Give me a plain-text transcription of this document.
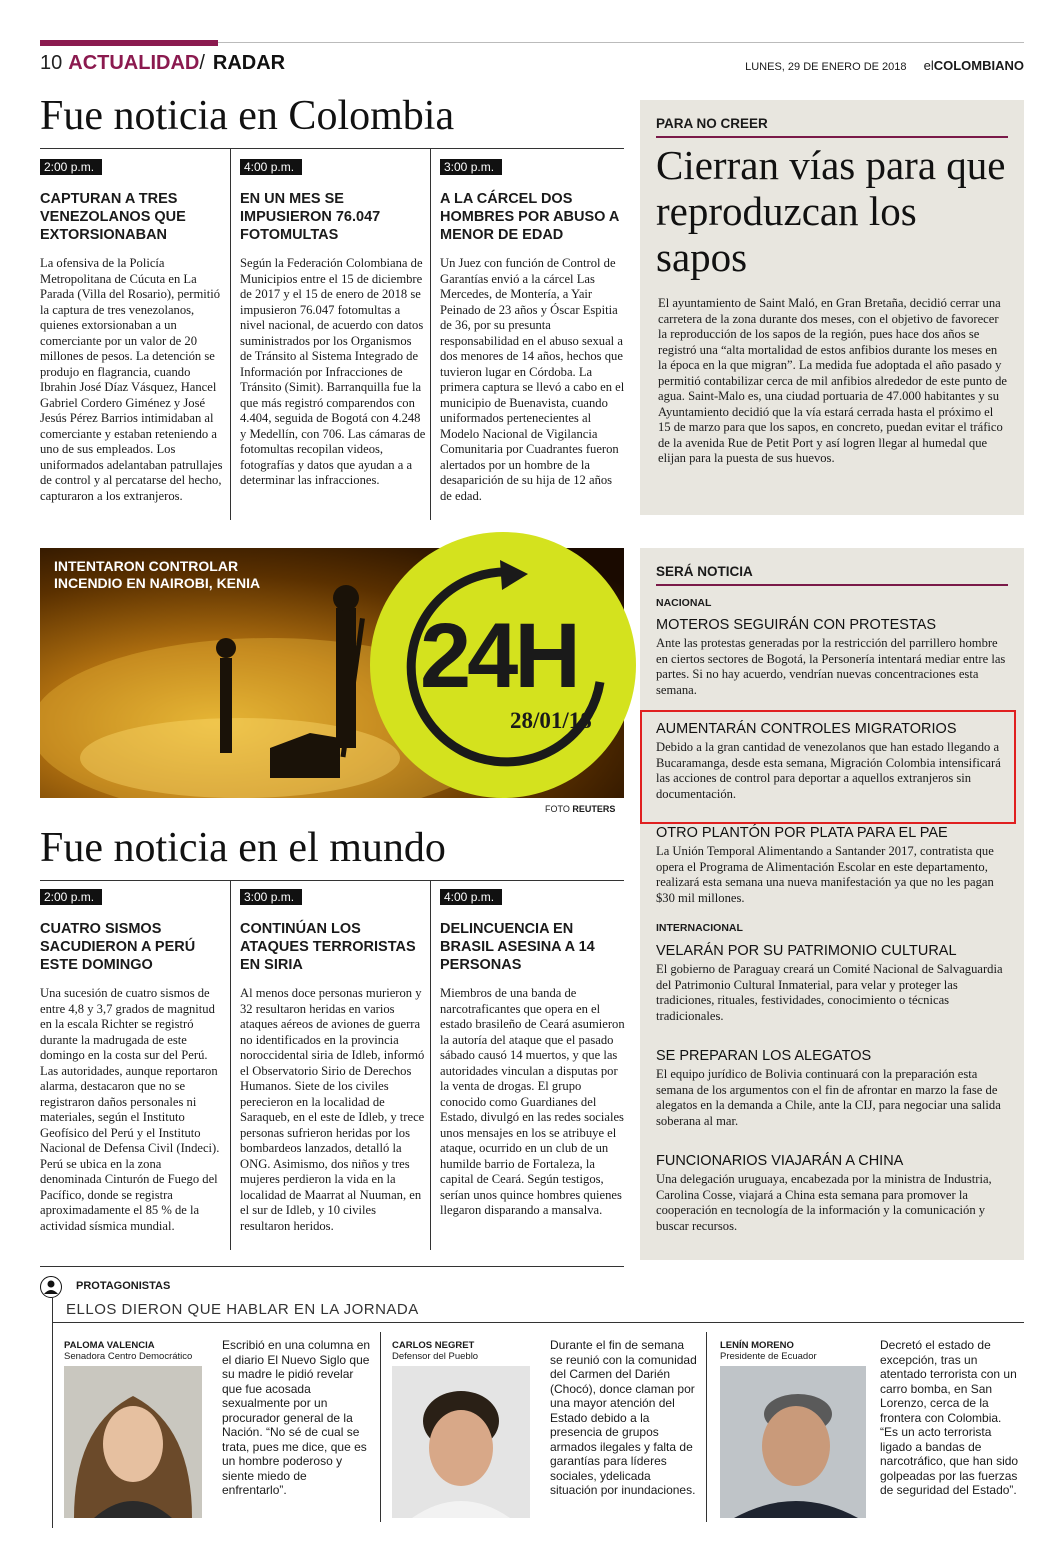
10 ACTUALIDAD/ RADAR	LUNES, 29 DE ENERO DE 2018 elCOLOMBIANO
Fue noticia en Colombia
2:00 p.m.
CAPTURAN A TRES VENEZOLANOS QUE EXTORSIONABAN
La ofensiva de la Policía Metropolitana de Cúcuta en La Parada (Villa del Rosario), permitió la captura de tres venezolanos, quienes extorsionaban a un comerciante por un valor de 20 millones de pesos. La detención se produjo en flagrancia, cuando Ibrahin José Díaz Vásquez, Hancel Gabriel Cordero Giménez y José Jesús Pérez Barrios intimidaban al comerciante y estaban reteniendo a uno de sus empleados. Los uniformados adelantaban patrullajes de control y al percatarse del hecho, capturaron a los extranjeros.
4:00 p.m.
EN UN MES SE IMPUSIERON 76.047 FOTOMULTAS
Según la Federación Colombiana de Municipios entre el 15 de diciembre de 2017 y el 15 de enero de 2018 se impusieron 76.047 fotomultas a nivel nacional, de acuerdo con datos suministrados por los Organismos de Tránsito al Sistema Integrado de Información por Infracciones de Tránsito (Simit). Barranquilla fue la que más registró comparendos con 4.404, seguida de Bogotá con 4.248 y Medellín, con 706. Las cámaras de fotomultas recopilan videos, fotografías y datos que ayudan a a determinar las infracciones.
3:00 p.m.
A LA CÁRCEL DOS HOMBRES POR ABUSO A MENOR DE EDAD
Un Juez con función de Control de Garantías envió a la cárcel Las Mercedes, de Montería, a Yair Peinado de 23 años y Óscar Espitia de 36, por su presunta responsabilidad en el abuso sexual a dos menores de 14 años, hechos que tuvieron lugar en Córdoba. La primera captura se llevó a cabo en el municipio de Buenavista, cuando uniformados pertenecientes al Modelo Nacional de Vigilancia Comunitaria por Cuadrantes fueron alertados por un hombre de la desaparición de su hija de 12 años de edad.
PARA NO CREER
Cierran vías para que reproduzcan los sapos
El ayuntamiento de Saint Maló, en Gran Bretaña, decidió cerrar una carretera de la zona durante dos meses, con el objetivo de favorecer la reproducción de los sapos de la región, pues hace dos años se registró una “alta mortalidad de estos anfibios durante los meses en la época en la que migran”. La medida fue adoptada el año pasado y permitió contabilizar cerca de mil anfibios alrededor de este punto de agua. Saint-Malo es, una ciudad portuaria de 47.000 habitantes y su Ayuntamiento decidió que la vía estará cerrada hasta el próximo el 15 de marzo para que los sapos, en concreto, puedan evitar el tráfico de la avenida Rue de Petit Port y así logren llegar al humedal que elijan para la puesta de sus huevos.
INTENTARON CONTROLAR INCENDIO EN NAIROBI, KENIA
24H
28/01/18
FOTO REUTERS
SERÁ NOTICIA
NACIONAL
MOTEROS SEGUIRÁN CON PROTESTAS
Ante las protestas generadas por la restricción del parrillero hombre en ciertos sectores de Bogotá, la Personería intentará mediar entre las partes. Si no hay acuerdo, vendrían nuevas concentraciones esta semana.
AUMENTARÁN CONTROLES MIGRATORIOS
Debido a la gran cantidad de venezolanos que han estado llegando a Bucaramanga, desde esta semana, Migración Colombia intensificará las acciones de control para deportar a aquellos extranjeros sin documentación.
OTRO PLANTÓN POR PLATA PARA EL PAE
La Unión Temporal Alimentando a Santander 2017, contratista que opera el Programa de Alimentación Escolar en este departamento, realizará esta semana una nueva manifestación ya que no les pagan $30 mil millones.
INTERNACIONAL
VELARÁN POR SU PATRIMONIO CULTURAL
El gobierno de Paraguay creará un Comité Nacional de Salvaguardia del Patrimonio Cultural Inmaterial, para velar y proteger las tradiciones, rituales, festividades, conocimiento o técnicas tradicionales.
SE PREPARAN LOS ALEGATOS
El equipo jurídico de Bolivia continuará con la preparación esta semana de los argumentos con el fin de afrontar en marzo la fase de alegatos en la demanda a Chile, ante la CIJ, para negociar una salida soberana al mar.
FUNCIONARIOS VIAJARÁN A CHINA
Una delegación uruguaya, encabezada por la ministra de Industria, Carolina Cosse, viajará a China esta semana para promover la cooperación en tecnología de la información y la comunicación y buscar recursos.
Fue noticia en el mundo
2:00 p.m.
CUATRO SISMOS SACUDIERON A PERÚ ESTE DOMINGO
Una sucesión de cuatro sismos de entre 4,8 y 3,7 grados de magnitud en la escala Richter se registró durante la madrugada de este domingo en la costa sur del Perú. Las autoridades, aunque reportaron alarma, destacaron que no se registraron daños personales ni materiales, según el Instituto Geofísico del Perú y el Instituto Nacional de Defensa Civil (Indeci). Perú se ubica en la zona denominada Cinturón de Fuego del Pacífico, donde se registra aproximadamente el 85 % de la actividad sísmica mundial.
3:00 p.m.
CONTINÚAN LOS ATAQUES TERRORISTAS EN SIRIA
Al menos doce personas murieron y 32 resultaron heridas en varios ataques aéreos de aviones de guerra no identificados en la provincia noroccidental siria de Idleb, informó el Observatorio Sirio de Derechos Humanos. Siete de los civiles perecieron en la localidad de Saraqueb, en el este de Idleb, y trece personas sufrieron heridas por los bombardeos lanzados, detalló la ONG. Asimismo, dos niños y tres mujeres perdieron la vida en la localidad de Maarrat al Nuuman, en el sur de Idleb, y 10 civiles resultaron heridos.
4:00 p.m.
DELINCUENCIA EN BRASIL ASESINA A 14 PERSONAS
Miembros de una banda de narcotraficantes que opera en el estado brasileño de Ceará asumieron la autoría del ataque que el pasado sábado causó 14 muertos, y que las autoridades vinculan a disputas por la venta de drogas. El grupo conocido como Guardianes del Estado, divulgó en las redes sociales unos mensajes en los se atribuye el ataque, ocurrido en un club de un humilde barrio de Fortaleza, la capital de Ceará. Según testigos, serían unos quince hombres quienes llegaron disparando a mansalva.
PROTAGONISTAS
ELLOS DIERON QUE HABLAR EN LA JORNADA
PALOMA VALENCIA
Senadora Centro Democrático
Escribió en una columna en el diario El Nuevo Siglo que su madre le pidió revelar que fue acosada sexualmente por un procurador general de la Nación. “No sé de cual se trata, pues me dice, que es un hombre poderoso y siente miedo de enfrentarlo”.
CARLOS NEGRET
Defensor del Pueblo
Durante el fin de semana se reunió con la comunidad del Carmen del Darién (Chocó), donce claman por una mayor atención del Estado debido a la presencia de grupos armados ilegales y falta de garantías para líderes sociales, ydelicada situación por inundaciones.
LENÍN MORENO
Presidente de Ecuador
Decretó el estado de excepción, tras un atentado terrorista con un carro bomba, en San Lorenzo, cerca de la frontera con Colombia. “Es un acto terrorista ligado a bandas de narcotráfico, que han sido golpeadas por las fuerzas de seguridad del Estado”.
